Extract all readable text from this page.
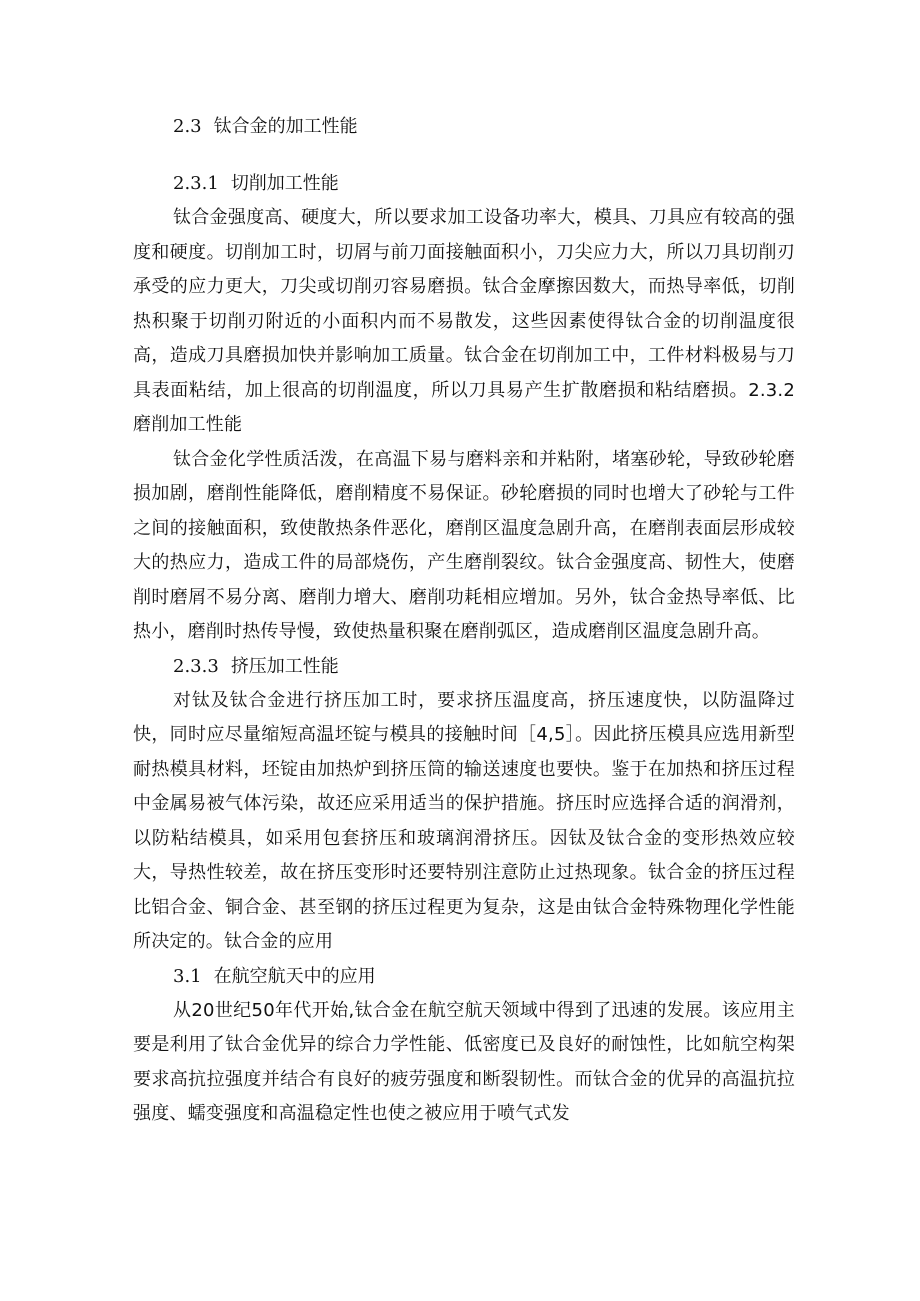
2.3 钛合金的加工性能

2.3.1 切削加工性能

钛合金强度高、硬度大，所以要求加工设备功率大，模具、刀具应有较高的强度和硬度。切削加工时，切屑与前刀面接触面积小，刀尖应力大，所以刀具切削刃承受的应力更大，刀尖或切削刃容易磨损。钛合金摩擦因数大，而热导率低，切削热积聚于切削刃附近的小面积内而不易散发，这些因素使得钛合金的切削温度很高，造成刀具磨损加快并影响加工质量。钛合金在切削加工中，工件材料极易与刀具表面粘结，加上很高的切削温度，所以刀具易产生扩散磨损和粘结磨损。2.3.2磨削加工性能

钛合金化学性质活泼，在高温下易与磨料亲和并粘附，堵塞砂轮，导致砂轮磨损加剧，磨削性能降低，磨削精度不易保证。砂轮磨损的同时也增大了砂轮与工件之间的接触面积，致使散热条件恶化，磨削区温度急剧升高，在磨削表面层形成较大的热应力，造成工件的局部烧伤，产生磨削裂纹。钛合金强度高、韧性大，使磨削时磨屑不易分离、磨削力增大、磨削功耗相应增加。另外，钛合金热导率低、比热小，磨削时热传导慢，致使热量积聚在磨削弧区，造成磨削区温度急剧升高。

2.3.3 挤压加工性能

对钛及钛合金进行挤压加工时，要求挤压温度高，挤压速度快，以防温降过快，同时应尽量缩短高温坯锭与模具的接触时间［4,5］。因此挤压模具应选用新型耐热模具材料，坯锭由加热炉到挤压筒的输送速度也要快。鉴于在加热和挤压过程中金属易被气体污染，故还应采用适当的保护措施。挤压时应选择合适的润滑剂，以防粘结模具，如采用包套挤压和玻璃润滑挤压。因钛及钛合金的变形热效应较大，导热性较差，故在挤压变形时还要特别注意防止过热现象。钛合金的挤压过程比铝合金、铜合金、甚至钢的挤压过程更为复杂，这是由钛合金特殊物理化学性能所决定的。钛合金的应用

3.1 在航空航天中的应用

从20世纪50年代开始,钛合金在航空航天领域中得到了迅速的发展。该应用主要是利用了钛合金优异的综合力学性能、低密度已及良好的耐蚀性，比如航空构架要求高抗拉强度并结合有良好的疲劳强度和断裂韧性。而钛合金的优异的高温抗拉强度、蠕变强度和高温稳定性也使之被应用于喷气式发
